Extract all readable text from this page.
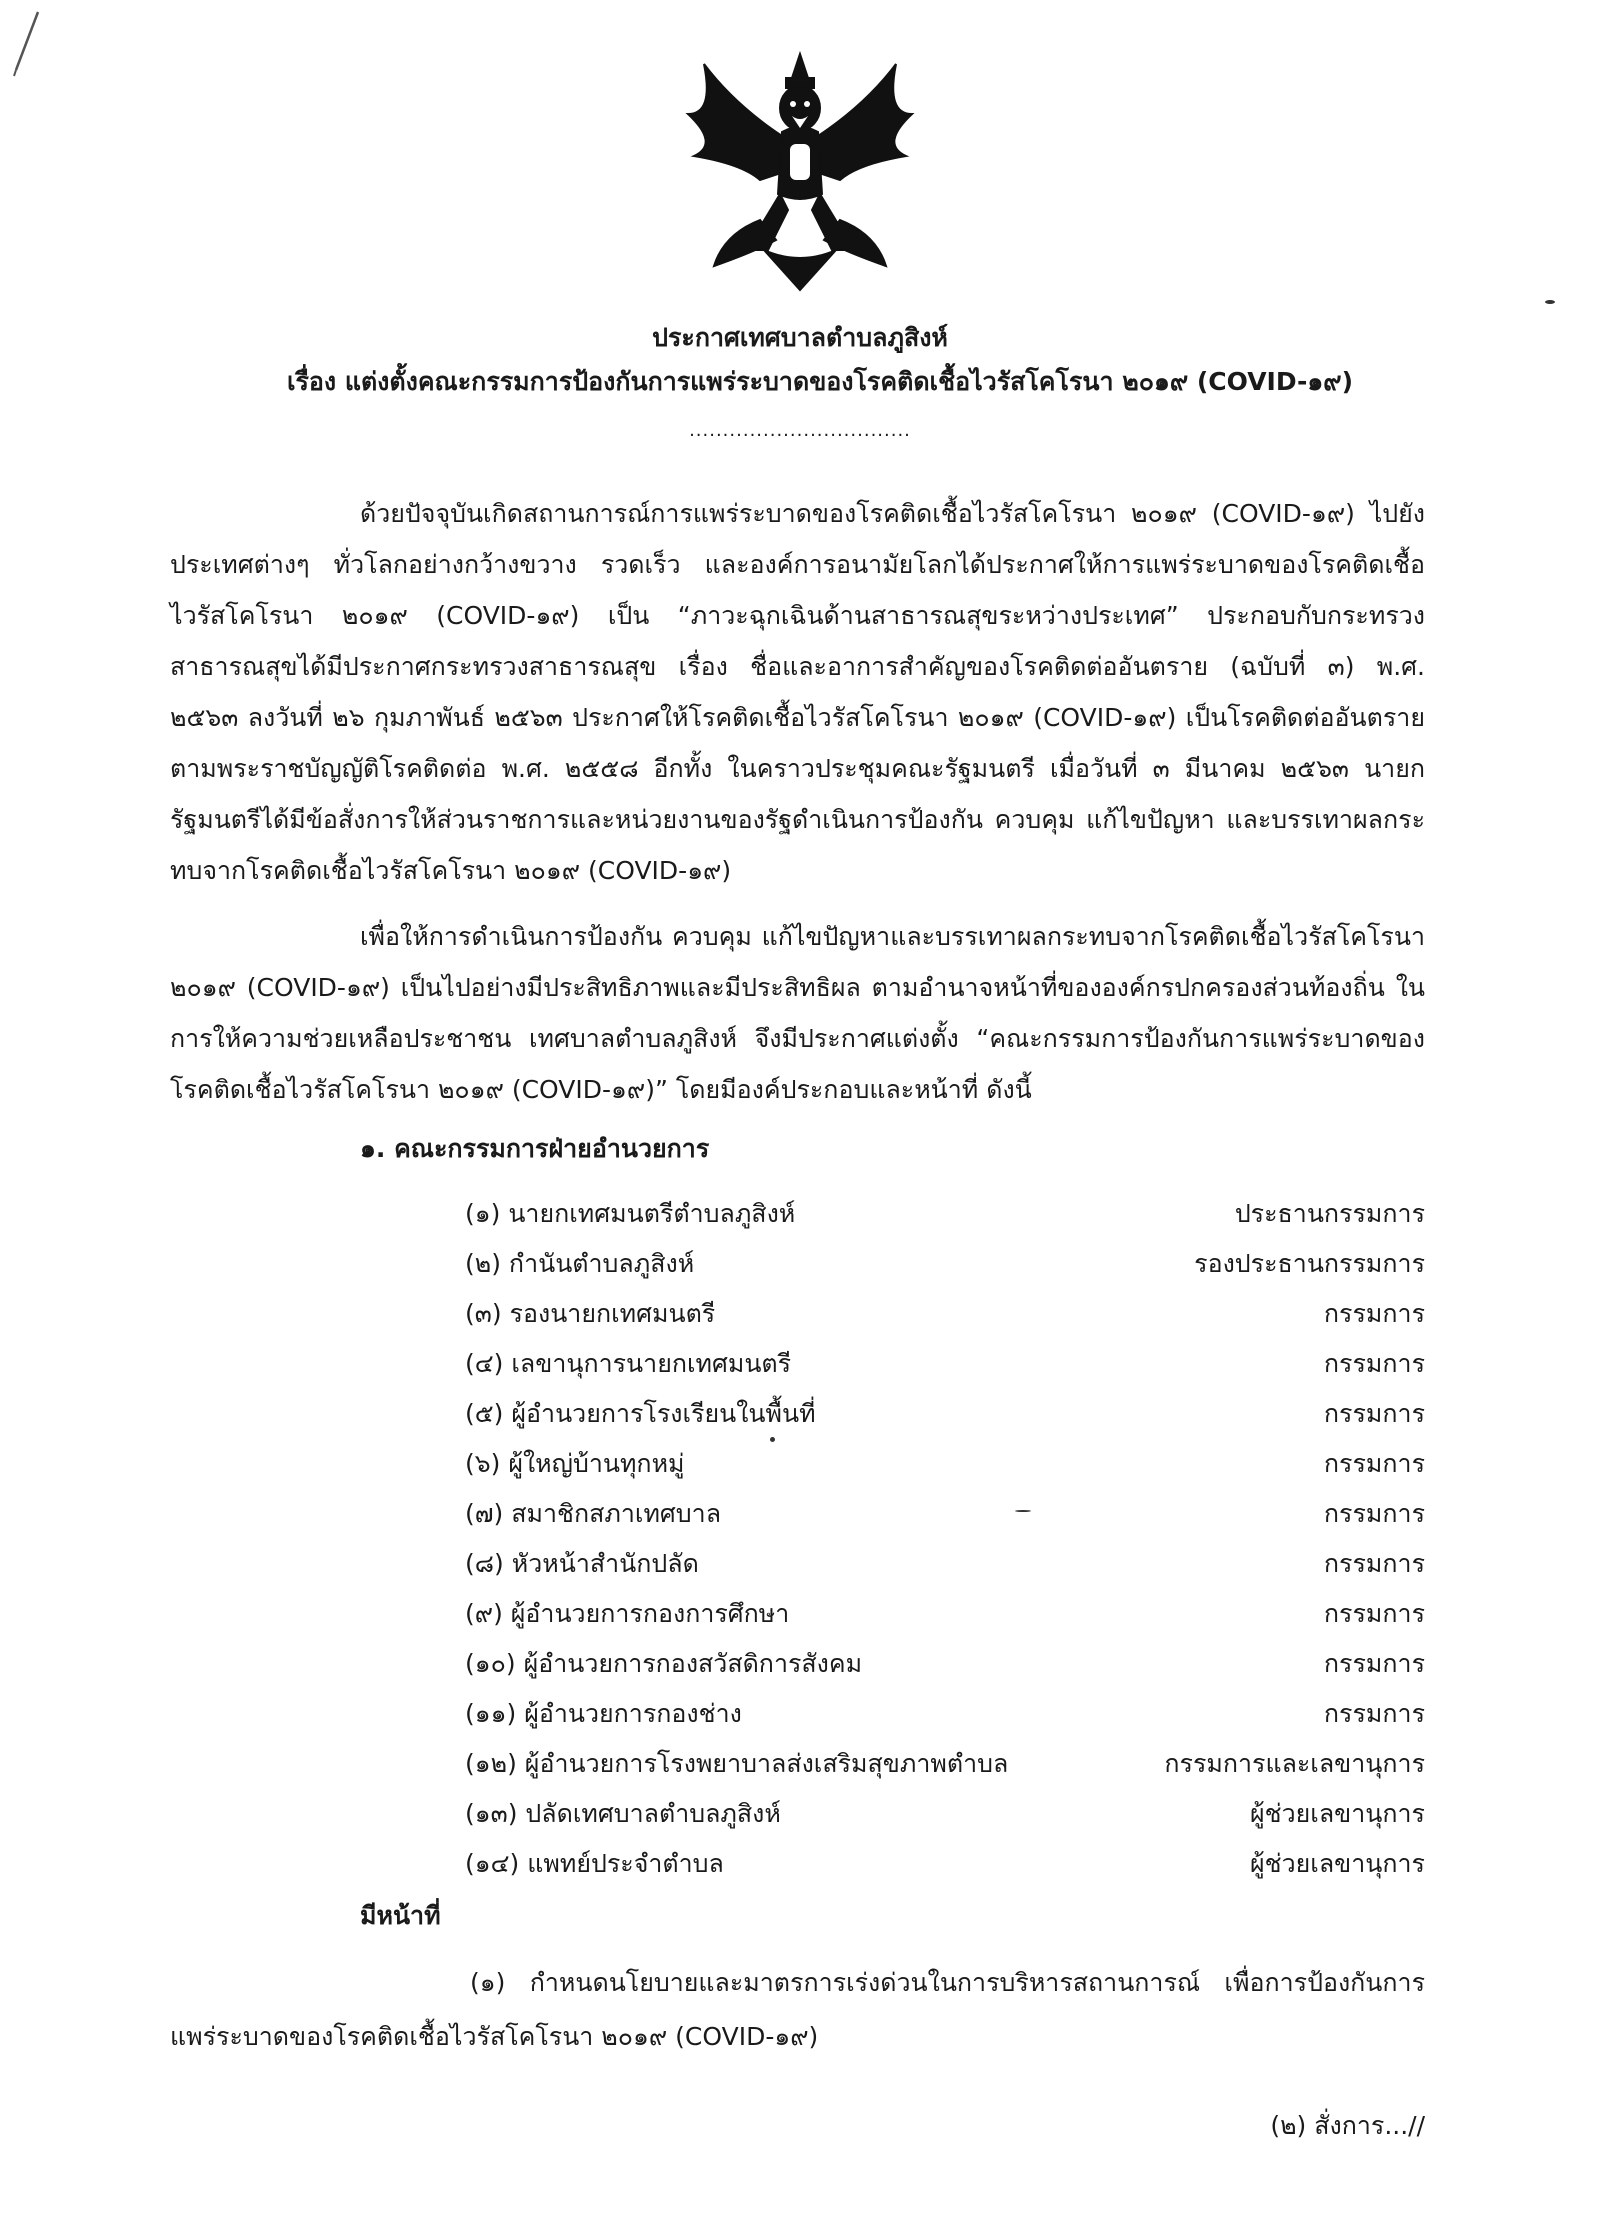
ประกาศเทศบาลตำบลภูสิงห์
เรื่อง แต่งตั้งคณะกรรมการป้องกันการแพร่ระบาดของโรคติดเชื้อไวรัสโคโรนา ๒๐๑๙ (COVID-๑๙)
.................................
ด้วยปัจจุบันเกิดสถานการณ์การแพร่ระบาดของโรคติดเชื้อไวรัสโคโรนา ๒๐๑๙ (COVID-๑๙) ไปยังประเทศต่างๆ ทั่วโลกอย่างกว้างขวาง รวดเร็ว และองค์การอนามัยโลกได้ประกาศให้การแพร่ระบาดของโรคติดเชื้อไวรัสโคโรนา ๒๐๑๙ (COVID-๑๙) เป็น “ภาวะฉุกเฉินด้านสาธารณสุขระหว่างประเทศ” ประกอบกับกระทรวงสาธารณสุขได้มีประกาศกระทรวงสาธารณสุข เรื่อง ชื่อและอาการสำคัญของโรคติดต่ออันตราย (ฉบับที่ ๓) พ.ศ. ๒๕๖๓ ลงวันที่ ๒๖ กุมภาพันธ์ ๒๕๖๓ ประกาศให้โรคติดเชื้อไวรัสโคโรนา ๒๐๑๙ (COVID-๑๙) เป็นโรคติดต่ออันตรายตามพระราชบัญญัติโรคติดต่อ พ.ศ. ๒๕๕๘ อีกทั้ง ในคราวประชุมคณะรัฐมนตรี เมื่อวันที่ ๓ มีนาคม ๒๕๖๓ นายกรัฐมนตรีได้มีข้อสั่งการให้ส่วนราชการและหน่วยงานของรัฐดำเนินการป้องกัน ควบคุม แก้ไขปัญหา และบรรเทาผลกระทบจากโรคติดเชื้อไวรัสโคโรนา ๒๐๑๙ (COVID-๑๙)
เพื่อให้การดำเนินการป้องกัน ควบคุม แก้ไขปัญหาและบรรเทาผลกระทบจากโรคติดเชื้อไวรัสโคโรนา ๒๐๑๙ (COVID-๑๙) เป็นไปอย่างมีประสิทธิภาพและมีประสิทธิผล ตามอำนาจหน้าที่ขององค์กรปกครองส่วนท้องถิ่น ในการให้ความช่วยเหลือประชาชน เทศบาลตำบลภูสิงห์ จึงมีประกาศแต่งตั้ง “คณะกรรมการป้องกันการแพร่ระบาดของโรคติดเชื้อไวรัสโคโรนา ๒๐๑๙ (COVID-๑๙)” โดยมีองค์ประกอบและหน้าที่ ดังนี้
๑. คณะกรรมการฝ่ายอำนวยการ
(๑) นายกเทศมนตรีตำบลภูสิงห์	ประธานกรรมการ
(๒) กำนันตำบลภูสิงห์	รองประธานกรรมการ
(๓) รองนายกเทศมนตรี	กรรมการ
(๔) เลขานุการนายกเทศมนตรี	กรรมการ
(๕) ผู้อำนวยการโรงเรียนในพื้นที่	กรรมการ
(๖) ผู้ใหญ่บ้านทุกหมู่	กรรมการ
(๗) สมาชิกสภาเทศบาล	กรรมการ
(๘) หัวหน้าสำนักปลัด	กรรมการ
(๙) ผู้อำนวยการกองการศึกษา	กรรมการ
(๑๐) ผู้อำนวยการกองสวัสดิการสังคม	กรรมการ
(๑๑) ผู้อำนวยการกองช่าง	กรรมการ
(๑๒) ผู้อำนวยการโรงพยาบาลส่งเสริมสุขภาพตำบล	กรรมการและเลขานุการ
(๑๓) ปลัดเทศบาลตำบลภูสิงห์	ผู้ช่วยเลขานุการ
(๑๔) แพทย์ประจำตำบล	ผู้ช่วยเลขานุการ
มีหน้าที่
(๑) กำหนดนโยบายและมาตรการเร่งด่วนในการบริหารสถานการณ์ เพื่อการป้องกันการแพร่ระบาดของโรคติดเชื้อไวรัสโคโรนา ๒๐๑๙ (COVID-๑๙)
(๒) สั่งการ...//
